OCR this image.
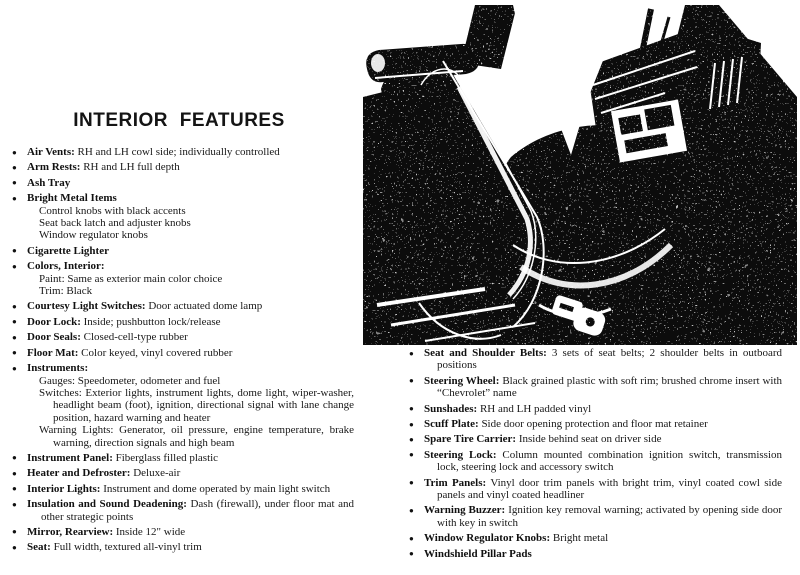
INTERIOR FEATURES
● Air Vents: RH and LH cowl side; individually controlled
● Arm Rests: RH and LH full depth
● Ash Tray
● Bright Metal Items
Control knobs with black accents
Seat back latch and adjuster knobs
Window regulator knobs
● Cigarette Lighter
● Colors, Interior:
Paint: Same as exterior main color choice
Trim: Black
● Courtesy Light Switches: Door actuated dome lamp
● Door Lock: Inside; pushbutton lock/release
● Door Seals: Closed-cell-type rubber
● Floor Mat: Color keyed, vinyl covered rubber
● Instruments:
Gauges: Speedometer, odometer and fuel
Switches: Exterior lights, instrument lights, dome light, wiper-washer, headlight beam (foot), ignition, directional signal with lane change position, hazard warning and heater
Warning Lights: Generator, oil pressure, engine temperature, brake warning, direction signals and high beam
● Instrument Panel: Fiberglass filled plastic
● Heater and Defroster: Deluxe-air
● Interior Lights: Instrument and dome operated by main light switch
● Insulation and Sound Deadening: Dash (firewall), under floor mat and other strategic points
● Mirror, Rearview: Inside 12" wide
● Seat: Full width, textured all-vinyl trim
● Seat and Shoulder Belts: 3 sets of seat belts; 2 shoulder belts in outboard positions
● Steering Wheel: Black grained plastic with soft rim; brushed chrome insert with “Chevrolet” name
● Sunshades: RH and LH padded vinyl
● Scuff Plate: Side door opening protection and floor mat retainer
● Spare Tire Carrier: Inside behind seat on driver side
● Steering Lock: Column mounted combination ignition switch, transmission lock, steering lock and accessory switch
● Trim Panels: Vinyl door trim panels with bright trim, vinyl coated cowl side panels and vinyl coated headliner
● Warning Buzzer: Ignition key removal warning; activated by opening side door with key in switch
● Window Regulator Knobs: Bright metal
● Windshield Pillar Pads
